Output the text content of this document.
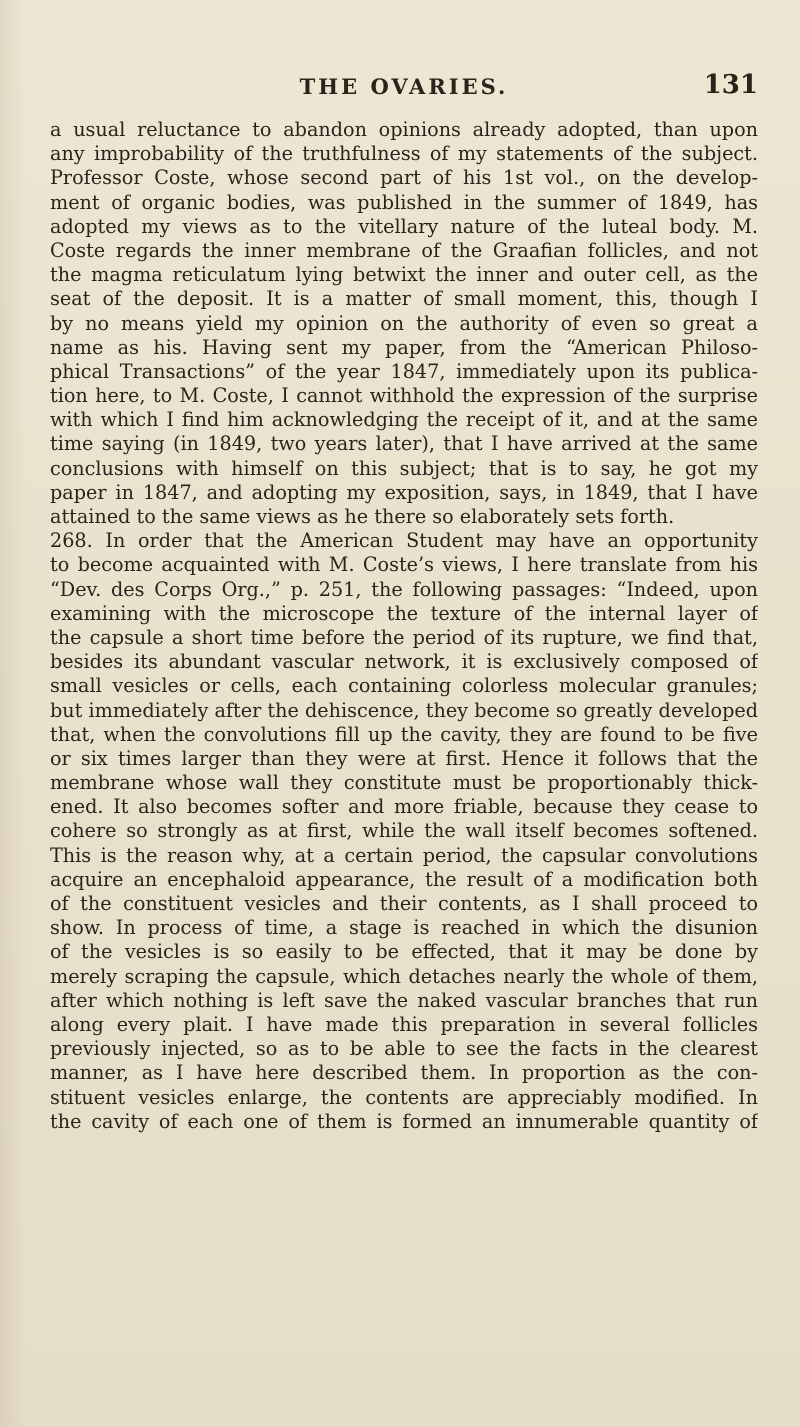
THE OVARIES.	131
a usual reluctance to abandon opinions already adopted, than upon
any improbability of the truthfulness of my statements of the subject.
Professor Coste, whose second part of his 1st vol., on the develop-
ment of organic bodies, was published in the summer of 1849, has
adopted my views as to the vitellary nature of the luteal body. M.
Coste regards the inner membrane of the Graafian follicles, and not
the magma reticulatum lying betwixt the inner and outer cell, as the
seat of the deposit. It is a matter of small moment, this, though I
by no means yield my opinion on the authority of even so great a
name as his. Having sent my paper, from the “American Philoso-
phical Transactions” of the year 1847, immediately upon its publica-
tion here, to M. Coste, I cannot withhold the expression of the surprise
with which I find him acknowledging the receipt of it, and at the same
time saying (in 1849, two years later), that I have arrived at the same
conclusions with himself on this subject; that is to say, he got my
paper in 1847, and adopting my exposition, says, in 1849, that I have
attained to the same views as he there so elaborately sets forth.
268. In order that the American Student may have an opportunity
to become acquainted with M. Coste’s views, I here translate from his
“Dev. des Corps Org.,” p. 251, the following passages: “Indeed, upon
examining with the microscope the texture of the internal layer of
the capsule a short time before the period of its rupture, we find that,
besides its abundant vascular network, it is exclusively composed of
small vesicles or cells, each containing colorless molecular granules;
but immediately after the dehiscence, they become so greatly developed
that, when the convolutions fill up the cavity, they are found to be five
or six times larger than they were at first. Hence it follows that the
membrane whose wall they constitute must be proportionably thick-
ened. It also becomes softer and more friable, because they cease to
cohere so strongly as at first, while the wall itself becomes softened.
This is the reason why, at a certain period, the capsular convolutions
acquire an encephaloid appearance, the result of a modification both
of the constituent vesicles and their contents, as I shall proceed to
show. In process of time, a stage is reached in which the disunion
of the vesicles is so easily to be effected, that it may be done by
merely scraping the capsule, which detaches nearly the whole of them,
after which nothing is left save the naked vascular branches that run
along every plait. I have made this preparation in several follicles
previously injected, so as to be able to see the facts in the clearest
manner, as I have here described them. In proportion as the con-
stituent vesicles enlarge, the contents are appreciably modified. In
the cavity of each one of them is formed an innumerable quantity of
